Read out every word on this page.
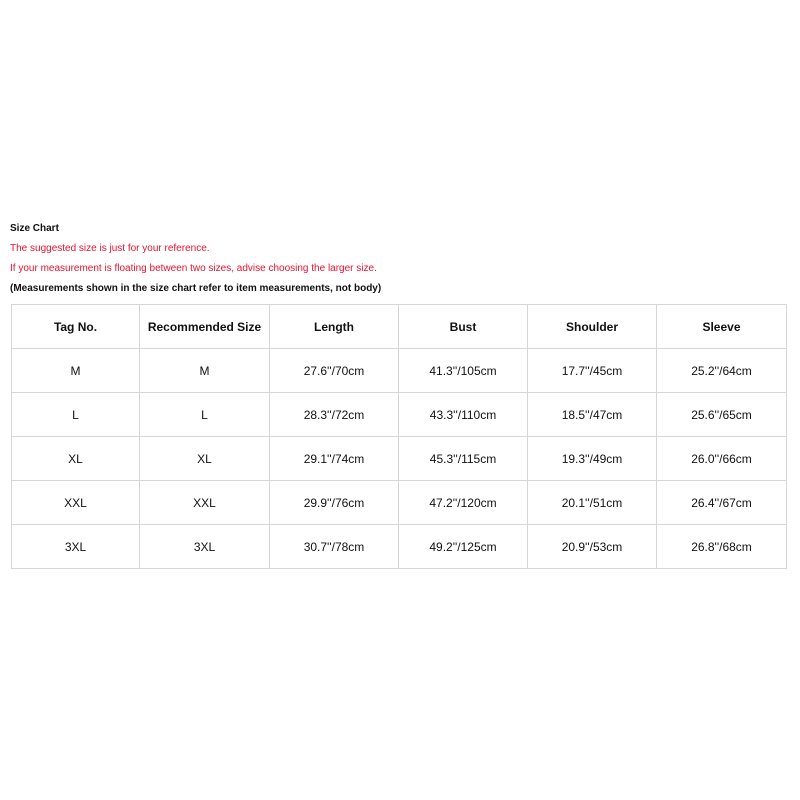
Size Chart
The suggested size is just for your reference.
If your measurement is floating between two sizes, advise choosing the larger size.
(Measurements shown in the size chart refer to item measurements, not body)
Tag No.	Recommended Size	Length	Bust	Shoulder	Sleeve
M	M	27.6''/70cm	41.3''/105cm	17.7''/45cm	25.2''/64cm
L	L	28.3''/72cm	43.3''/110cm	18.5''/47cm	25.6''/65cm
XL	XL	29.1''/74cm	45.3''/115cm	19.3''/49cm	26.0''/66cm
XXL	XXL	29.9''/76cm	47.2''/120cm	20.1''/51cm	26.4''/67cm
3XL	3XL	30.7''/78cm	49.2''/125cm	20.9''/53cm	26.8''/68cm
